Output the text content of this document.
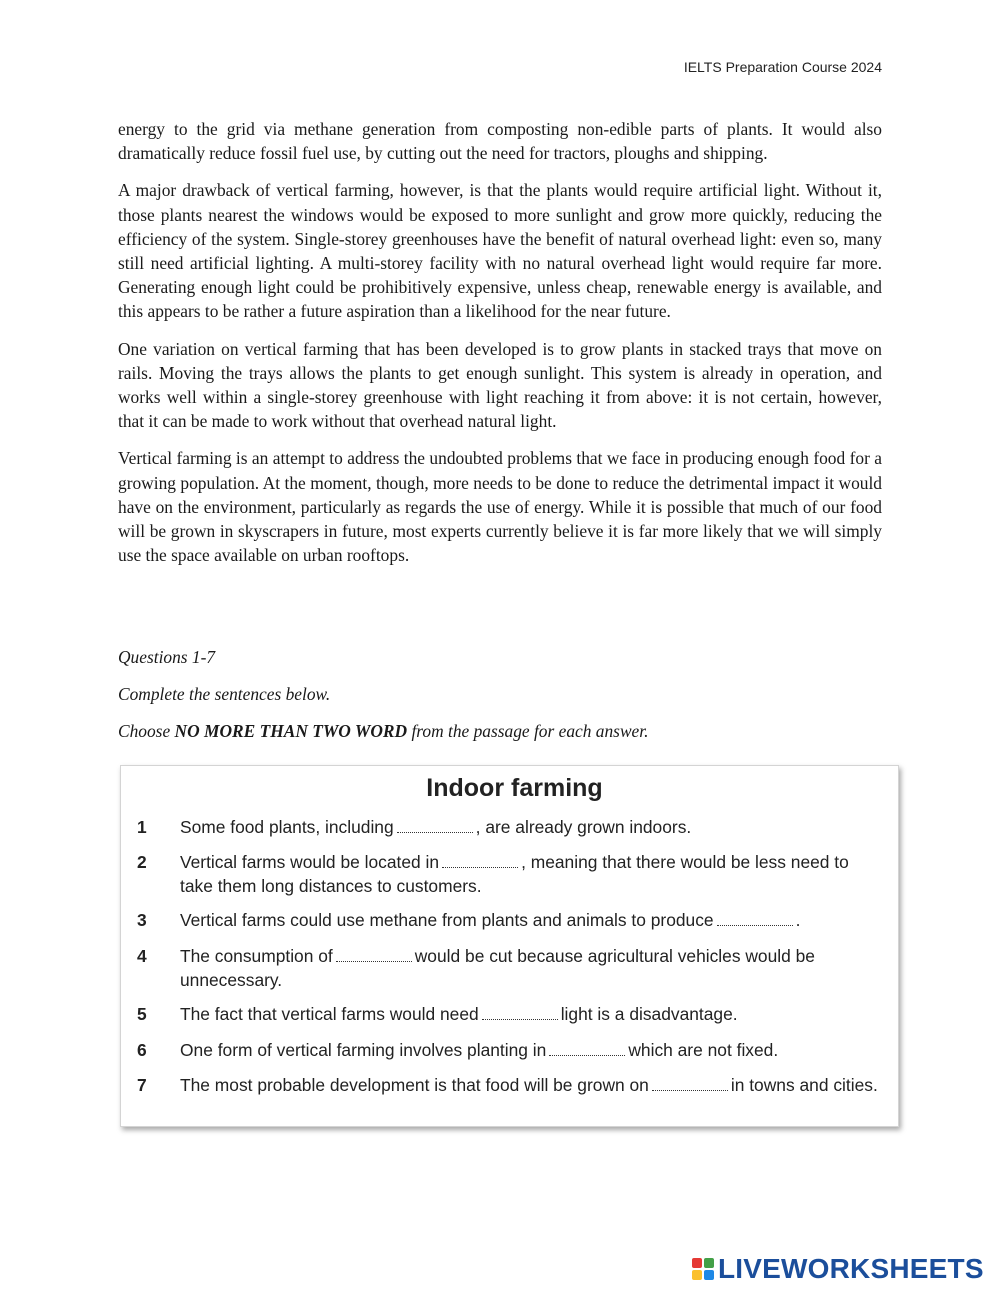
IELTS Preparation Course 2024

energy to the grid via methane generation from composting non-edible parts of plants. It would also dramatically reduce fossil fuel use, by cutting out the need for tractors, ploughs and shipping.

A major drawback of vertical farming, however, is that the plants would require artificial light. Without it, those plants nearest the windows would be exposed to more sunlight and grow more quickly, reducing the efficiency of the system. Single-storey greenhouses have the benefit of natural overhead light: even so, many still need artificial lighting. A multi-storey facility with no natural overhead light would require far more. Generating enough light could be prohibitively expensive, unless cheap, renewable energy is available, and this appears to be rather a future aspiration than a likelihood for the near future.

One variation on vertical farming that has been developed is to grow plants in stacked trays that move on rails. Moving the trays allows the plants to get enough sunlight. This system is already in operation, and works well within a single-storey greenhouse with light reaching it from above: it is not certain, however, that it can be made to work without that overhead natural light.

Vertical farming is an attempt to address the undoubted problems that we face in producing enough food for a growing population. At the moment, though, more needs to be done to reduce the detrimental impact it would have on the environment, particularly as regards the use of energy. While it is possible that much of our food will be grown in skyscrapers in future, most experts currently believe it is far more likely that we will simply use the space available on urban rooftops.

Questions 1-7

Complete the sentences below.

Choose NO MORE THAN TWO WORD from the passage for each answer.

Indoor farming
1	Some food plants, including	, are already grown indoors.
2	Vertical farms would be located in	, meaning that there would be less need to take them long distances to customers.
3	Vertical farms could use methane from plants and animals to produce	.
4	The consumption of	would be cut because agricultural vehicles would be unnecessary.
5	The fact that vertical farms would need	light is a disadvantage.
6	One form of vertical farming involves planting in	which are not fixed.
7	The most probable development is that food will be grown on	in towns and cities.
LIVEWORKSHEETS
